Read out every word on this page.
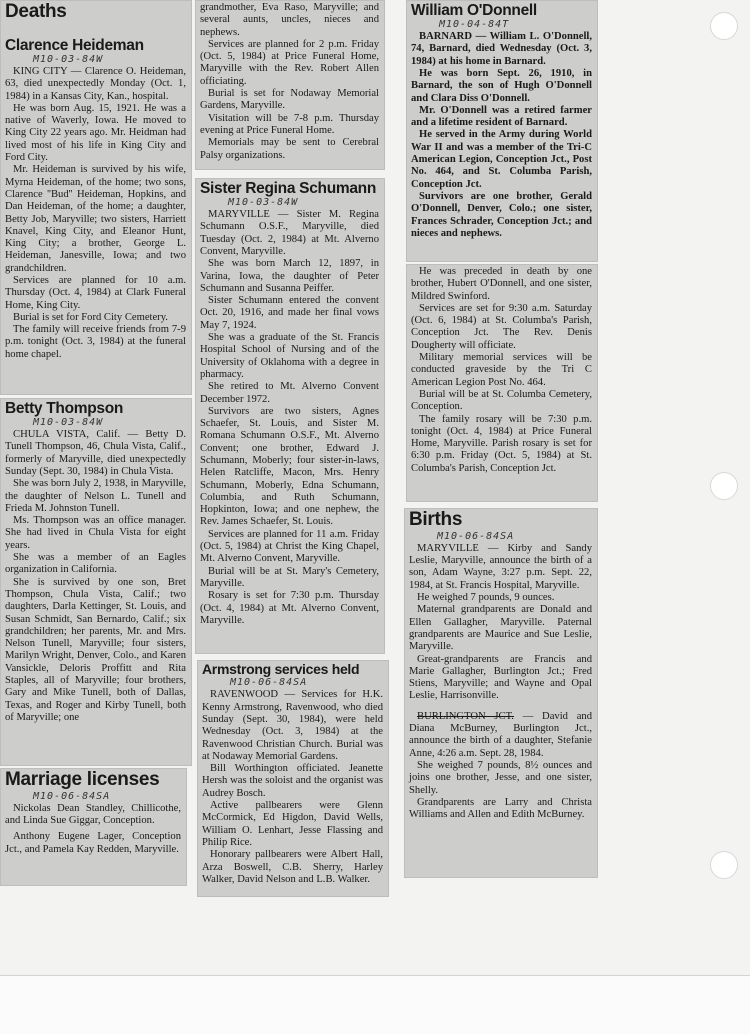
Deaths
Clarence Heideman
M10-03-84W

KING CITY — Clarence O. Heideman, 63, died unexpectedly Monday (Oct. 1, 1984) in a Kansas City, Kan., hospital.

He was born Aug. 15, 1921. He was a native of Waverly, Iowa. He moved to King City 22 years ago. Mr. Heidman had lived most of his life in King City and Ford City.

Mr. Heideman is survived by his wife, Myrna Heideman, of the home; two sons, Clarence ''Bud'' Heideman, Hopkins, and Dan Heideman, of the home; a daughter, Betty Job, Maryville; two sisters, Harriett Knavel, King City, and Eleanor Hunt, King City; a brother, George L. Heideman, Janesville, Iowa; and two grandchildren.

Services are planned for 10 a.m. Thursday (Oct. 4, 1984) at Clark Funeral Home, King City.

Burial is set for Ford City Cemetery.

The family will receive friends from 7-9 p.m. tonight (Oct. 3, 1984) at the funeral home chapel.

Betty Thompson
M10-03-84W

CHULA VISTA, Calif. — Betty D. Tunell Thompson, 46, Chula Vista, Calif., formerly of Maryville, died unexpectedly Sunday (Sept. 30, 1984) in Chula Vista.

She was born July 2, 1938, in Maryville, the daughter of Nelson L. Tunell and Frieda M. Johnston Tunell.

Ms. Thompson was an office manager. She had lived in Chula Vista for eight years.

She was a member of an Eagles organization in California.

She is survived by one son, Bret Thompson, Chula Vista, Calif.; two daughters, Darla Kettinger, St. Louis, and Susan Schmidt, San Bernardo, Calif.; six grandchildren; her parents, Mr. and Mrs. Nelson Tunell, Maryville; four sisters, Marilyn Wright, Denver, Colo., and Karen Vansickle, Deloris Proffitt and Rita Staples, all of Maryville; four brothers, Gary and Mike Tunell, both of Dallas, Texas, and Roger and Kirby Tunell, both of Maryville; one

Marriage licenses
M10-06-84SA

Nickolas Dean Standley, Chillicothe, and Linda Sue Giggar, Conception.

Anthony Eugene Lager, Conception Jct., and Pamela Kay Redden, Maryville.

grandmother, Eva Raso, Maryville; and several aunts, uncles, nieces and nephews.

Services are planned for 2 p.m. Friday (Oct. 5, 1984) at Price Funeral Home, Maryville with the Rev. Robert Allen officiating.

Burial is set for Nodaway Memorial Gardens, Maryville.

Visitation will be 7-8 p.m. Thursday evening at Price Funeral Home.

Memorials may be sent to Cerebral Palsy organizations.

Sister Regina Schumann
M10-03-84W

MARYVILLE — Sister M. Regina Schumann O.S.F., Maryville, died Tuesday (Oct. 2, 1984) at Mt. Alverno Convent, Maryville.

She was born March 12, 1897, in Varina, Iowa, the daughter of Peter Schumann and Susanna Peiffer.

Sister Schumann entered the convent Oct. 20, 1916, and made her final vows May 7, 1924.

She was a graduate of the St. Francis Hospital School of Nursing and of the University of Oklahoma with a degree in pharmacy.

She retired to Mt. Alverno Convent December 1972.

Survivors are two sisters, Agnes Schaefer, St. Louis, and Sister M. Romana Schumann O.S.F., Mt. Alverno Convent; one brother, Edward J. Schumann, Moberly; four sister-in-laws, Helen Ratcliffe, Macon, Mrs. Henry Schumann, Moberly, Edna Schumann, Columbia, and Ruth Schumann, Hopkinton, Iowa; and one nephew, the Rev. James Schaefer, St. Louis.

Services are planned for 11 a.m. Friday (Oct. 5, 1984) at Christ the King Chapel, Mt. Alverno Convent, Maryville.

Burial will be at St. Mary's Cemetery, Maryville.

Rosary is set for 7:30 p.m. Thursday (Oct. 4, 1984) at Mt. Alverno Convent, Maryville.

Armstrong services held
M10-06-84SA

RAVENWOOD — Services for H.K. Kenny Armstrong, Ravenwood, who died Sunday (Sept. 30, 1984), were held Wednesday (Oct. 3, 1984) at the Ravenwood Christian Church. Burial was at Nodaway Memorial Gardens.

Bill Worthington officiated. Jeanette Hersh was the soloist and the organist was Audrey Bosch.

Active pallbearers were Glenn McCormick, Ed Higdon, David Wells, William O. Lenhart, Jesse Flassing and Philip Rice.

Honorary pallbearers were Albert Hall, Arza Boswell, C.B. Sherry, Harley Walker, David Nelson and L.B. Walker.

William O'Donnell
M10-04-84T

BARNARD — William L. O'Donnell, 74, Barnard, died Wednesday (Oct. 3, 1984) at his home in Barnard.

He was born Sept. 26, 1910, in Barnard, the son of Hugh O'Donnell and Clara Diss O'Donnell.

Mr. O'Donnell was a retired farmer and a lifetime resident of Barnard.

He served in the Army during World War II and was a member of the Tri-C American Legion, Conception Jct., Post No. 464, and St. Columba Parish, Conception Jct.

Survivors are one brother, Gerald O'Donnell, Denver, Colo.; one sister, Frances Schrader, Conception Jct.; and nieces and nephews.

He was preceded in death by one brother, Hubert O'Donnell, and one sister, Mildred Swinford.

Services are set for 9:30 a.m. Saturday (Oct. 6, 1984) at St. Columba's Parish, Conception Jct. The Rev. Denis Dougherty will officiate.

Military memorial services will be conducted graveside by the Tri C American Legion Post No. 464.

Burial will be at St. Columba Cemetery, Conception.

The family rosary will be 7:30 p.m. tonight (Oct. 4, 1984) at Price Funeral Home, Maryville. Parish rosary is set for 6:30 p.m. Friday (Oct. 5, 1984) at St. Columba's Parish, Conception Jct.

Births
M10-06-84SA

MARYVILLE — Kirby and Sandy Leslie, Maryville, announce the birth of a son, Adam Wayne, 3:27 p.m. Sept. 22, 1984, at St. Francis Hospital, Maryville.

He weighed 7 pounds, 9 ounces.

Maternal grandparents are Donald and Ellen Gallagher, Maryville. Paternal grandparents are Maurice and Sue Leslie, Maryville.

Great-grandparents are Francis and Marie Gallagher, Burlington Jct.; Fred Stiens, Maryville; and Wayne and Opal Leslie, Harrisonville.

BURLINGTON JCT. — David and Diana McBurney, Burlington Jct., announce the birth of a daughter, Stefanie Anne, 4:26 a.m. Sept. 28, 1984.

She weighed 7 pounds, 8½ ounces and joins one brother, Jesse, and one sister, Shelly.

Grandparents are Larry and Christa Williams and Allen and Edith McBurney.
